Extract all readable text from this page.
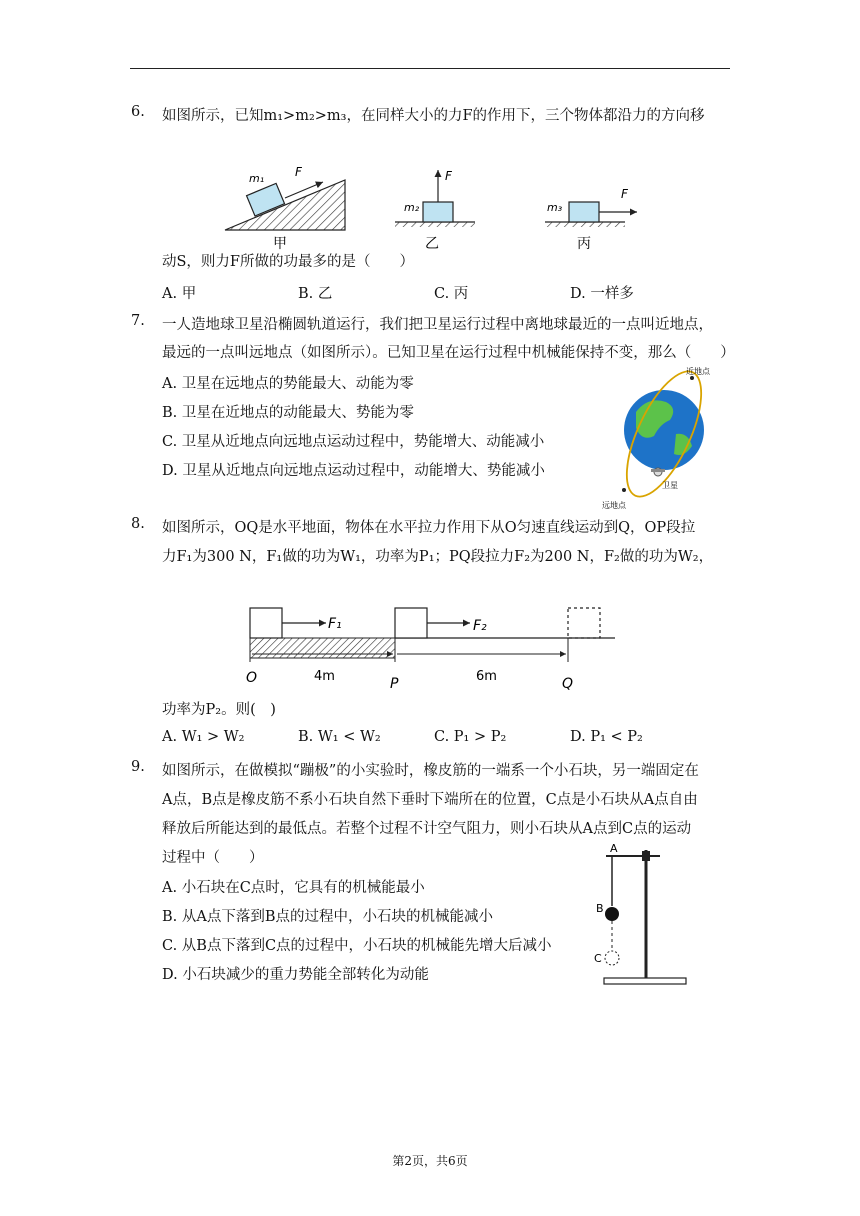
6. 如图所示，已知m₁>m₂>m₃，在同样大小的力F的作用下，三个物体都沿力的方向移
m₁	F
甲
m₂
F
乙
m₃
F
丙
动S，则力F所做的功最多的是（　　）
A. 甲	B. 乙	C. 丙	D. 一样多
7. 一人造地球卫星沿椭圆轨道运行，我们把卫星运行过程中离地球最近的一点叫近地点，
最远的一点叫远地点（如图所示）。已知卫星在运行过程中机械能保持不变，那么（　　）
A. 卫星在远地点的势能最大、动能为零
B. 卫星在近地点的动能最大、势能为零
C. 卫星从近地点向远地点运动过程中，势能增大、动能减小
D. 卫星从近地点向远地点运动过程中，动能增大、势能减小
近地点
远地点
卫星
8. 如图所示，OQ是水平地面，物体在水平拉力作用下从O匀速直线运动到Q，OP段拉
力F₁为300 N，F₁做的功为W₁，功率为P₁；PQ段拉力F₂为200 N，F₂做的功为W₂，
F₁	F₂
O	4m	P	6m	Q
功率为P₂。则(　)
A. W₁ > W₂	B. W₁ < W₂	C. P₁ > P₂	D. P₁ < P₂
9. 如图所示，在做模拟“蹦极”的小实验时，橡皮筋的一端系一个小石块，另一端固定在
A点，B点是橡皮筋不系小石块自然下垂时下端所在的位置，C点是小石块从A点自由
释放后所能达到的最低点。若整个过程不计空气阻力，则小石块从A点到C点的运动
过程中（　　）
A. 小石块在C点时，它具有的机械能最小
B. 从A点下落到B点的过程中，小石块的机械能减小
C. 从B点下落到C点的过程中，小石块的机械能先增大后减小
D. 小石块减少的重力势能全部转化为动能
A
B
C
第2页，共6页
